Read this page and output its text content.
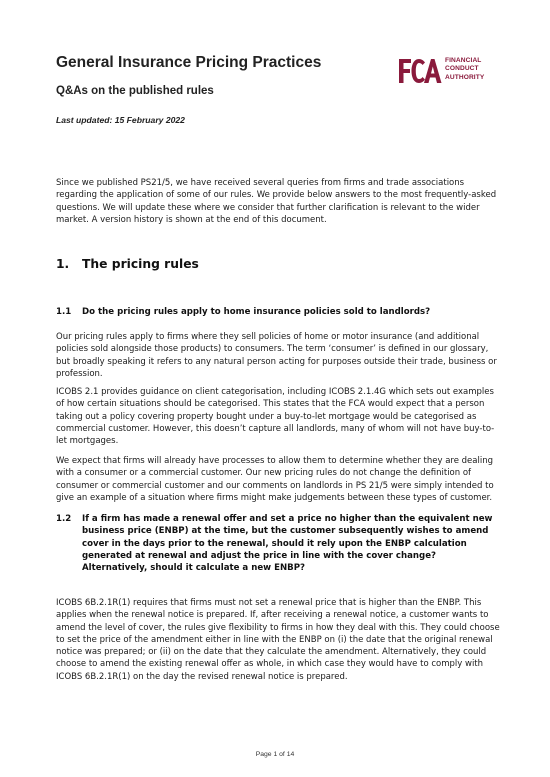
General Insurance Pricing Practices
Q&As on the published rules
Last updated: 15 February 2022
FINANCIAL
CONDUCT
AUTHORITY

Since we published PS21/5, we have received several queries from firms and trade associations regarding the application of some of our rules. We provide below answers to the most frequently-asked questions. We will update these where we consider that further clarification is relevant to the wider market. A version history is shown at the end of this document.

1. The pricing rules
1.1 Do the pricing rules apply to home insurance policies sold to landlords?

Our pricing rules apply to firms where they sell policies of home or motor insurance (and additional policies sold alongside those products) to consumers. The term ‘consumer’ is defined in our glossary, but broadly speaking it refers to any natural person acting for purposes outside their trade, business or profession.

ICOBS 2.1 provides guidance on client categorisation, including ICOBS 2.1.4G which sets out examples of how certain situations should be categorised. This states that the FCA would expect that a person taking out a policy covering property bought under a buy-to-let mortgage would be categorised as commercial customer. However, this doesn’t capture all landlords, many of whom will not have buy-to-let mortgages.

We expect that firms will already have processes to allow them to determine whether they are dealing with a consumer or a commercial customer. Our new pricing rules do not change the definition of consumer or commercial customer and our comments on landlords in PS 21/5 were simply intended to give an example of a situation where firms might make judgements between these types of customer.

1.2 If a firm has made a renewal offer and set a price no higher than the equivalent new business price (ENBP) at the time, but the customer subsequently wishes to amend cover in the days prior to the renewal, should it rely upon the ENBP calculation generated at renewal and adjust the price in line with the cover change? Alternatively, should it calculate a new ENBP?

ICOBS 6B.2.1R(1) requires that firms must not set a renewal price that is higher than the ENBP. This applies when the renewal notice is prepared. If, after receiving a renewal notice, a customer wants to amend the level of cover, the rules give flexibility to firms in how they deal with this. They could choose to set the price of the amendment either in line with the ENBP on (i) the date that the original renewal notice was prepared; or (ii) on the date that they calculate the amendment. Alternatively, they could choose to amend the existing renewal offer as whole, in which case they would have to comply with ICOBS 6B.2.1R(1) on the day the revised renewal notice is prepared.

Page 1 of 14
